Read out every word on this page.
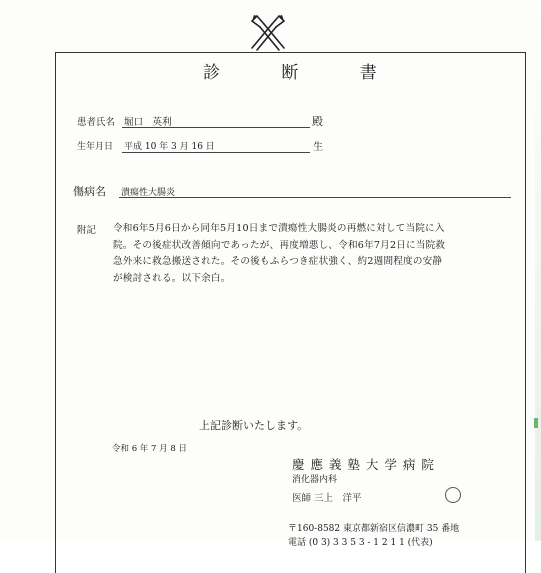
診 断 書
患者氏名 堀口　英利	殿
生年月日 平成 10 年 3 月 16 日	生
傷病名 潰瘍性大腸炎
附記 令和6年5月6日から同年5月10日まで潰瘍性大腸炎の再燃に対して当院に入
院。その後症状改善傾向であったが、再度増悪し、令和6年7月2日に当院救
急外来に救急搬送された。その後もふらつき症状強く、約2週間程度の安静
が検討される。以下余白。
上記診断いたします。
令和 6 年 7 月 8 日
慶 應 義 塾 大 学 病 院
消化器内科
医師 三上　洋平
〒160-8582 東京都新宿区信濃町 35 番地
電話 (0 3) 3 3 5 3 - 1 2 1 1 (代表)
